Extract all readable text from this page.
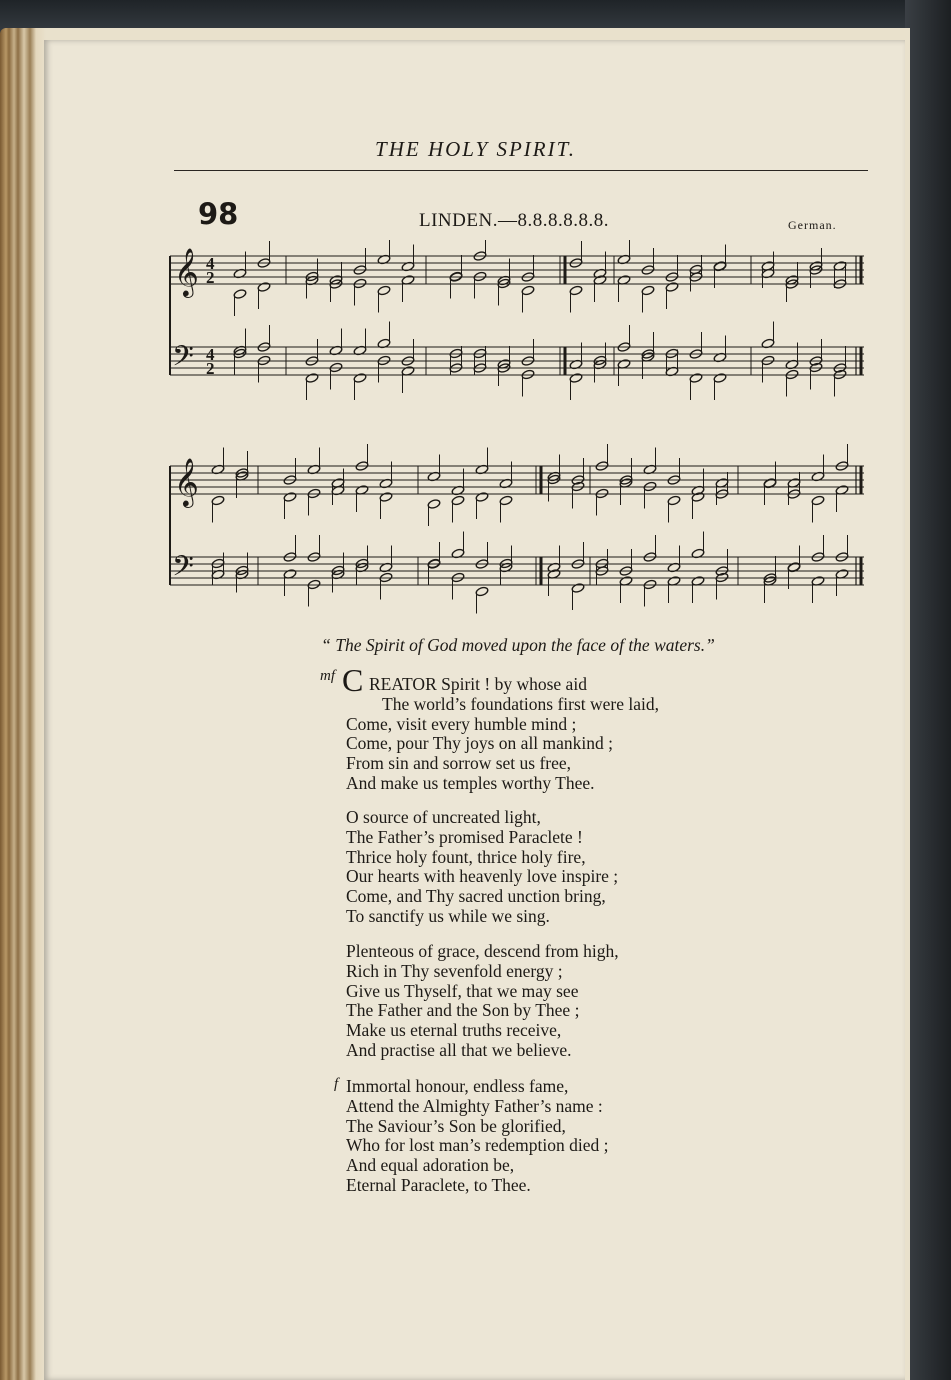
THE HOLY SPIRIT.
98	LINDEN.—8.8.8.8.8.8.	German.
𝄞
𝄢
4
2
4
2
𝄞
𝄢
“ The Spirit of God moved upon the face of the waters.”
mf C REATOR Spirit ! by whose aid
The world’s foundations first were laid,
Come, visit every humble mind ;
Come, pour Thy joys on all mankind ;
From sin and sorrow set us free,
And make us temples worthy Thee.
O source of uncreated light,
The Father’s promised Paraclete !
Thrice holy fount, thrice holy fire,
Our hearts with heavenly love inspire ;
Come, and Thy sacred unction bring,
To sanctify us while we sing.
Plenteous of grace, descend from high,
Rich in Thy sevenfold energy ;
Give us Thyself, that we may see
The Father and the Son by Thee ;
Make us eternal truths receive,
And practise all that we believe.
f Immortal honour, endless fame,
Attend the Almighty Father’s name :
The Saviour’s Son be glorified,
Who for lost man’s redemption died ;
And equal adoration be,
Eternal Paraclete, to Thee.
